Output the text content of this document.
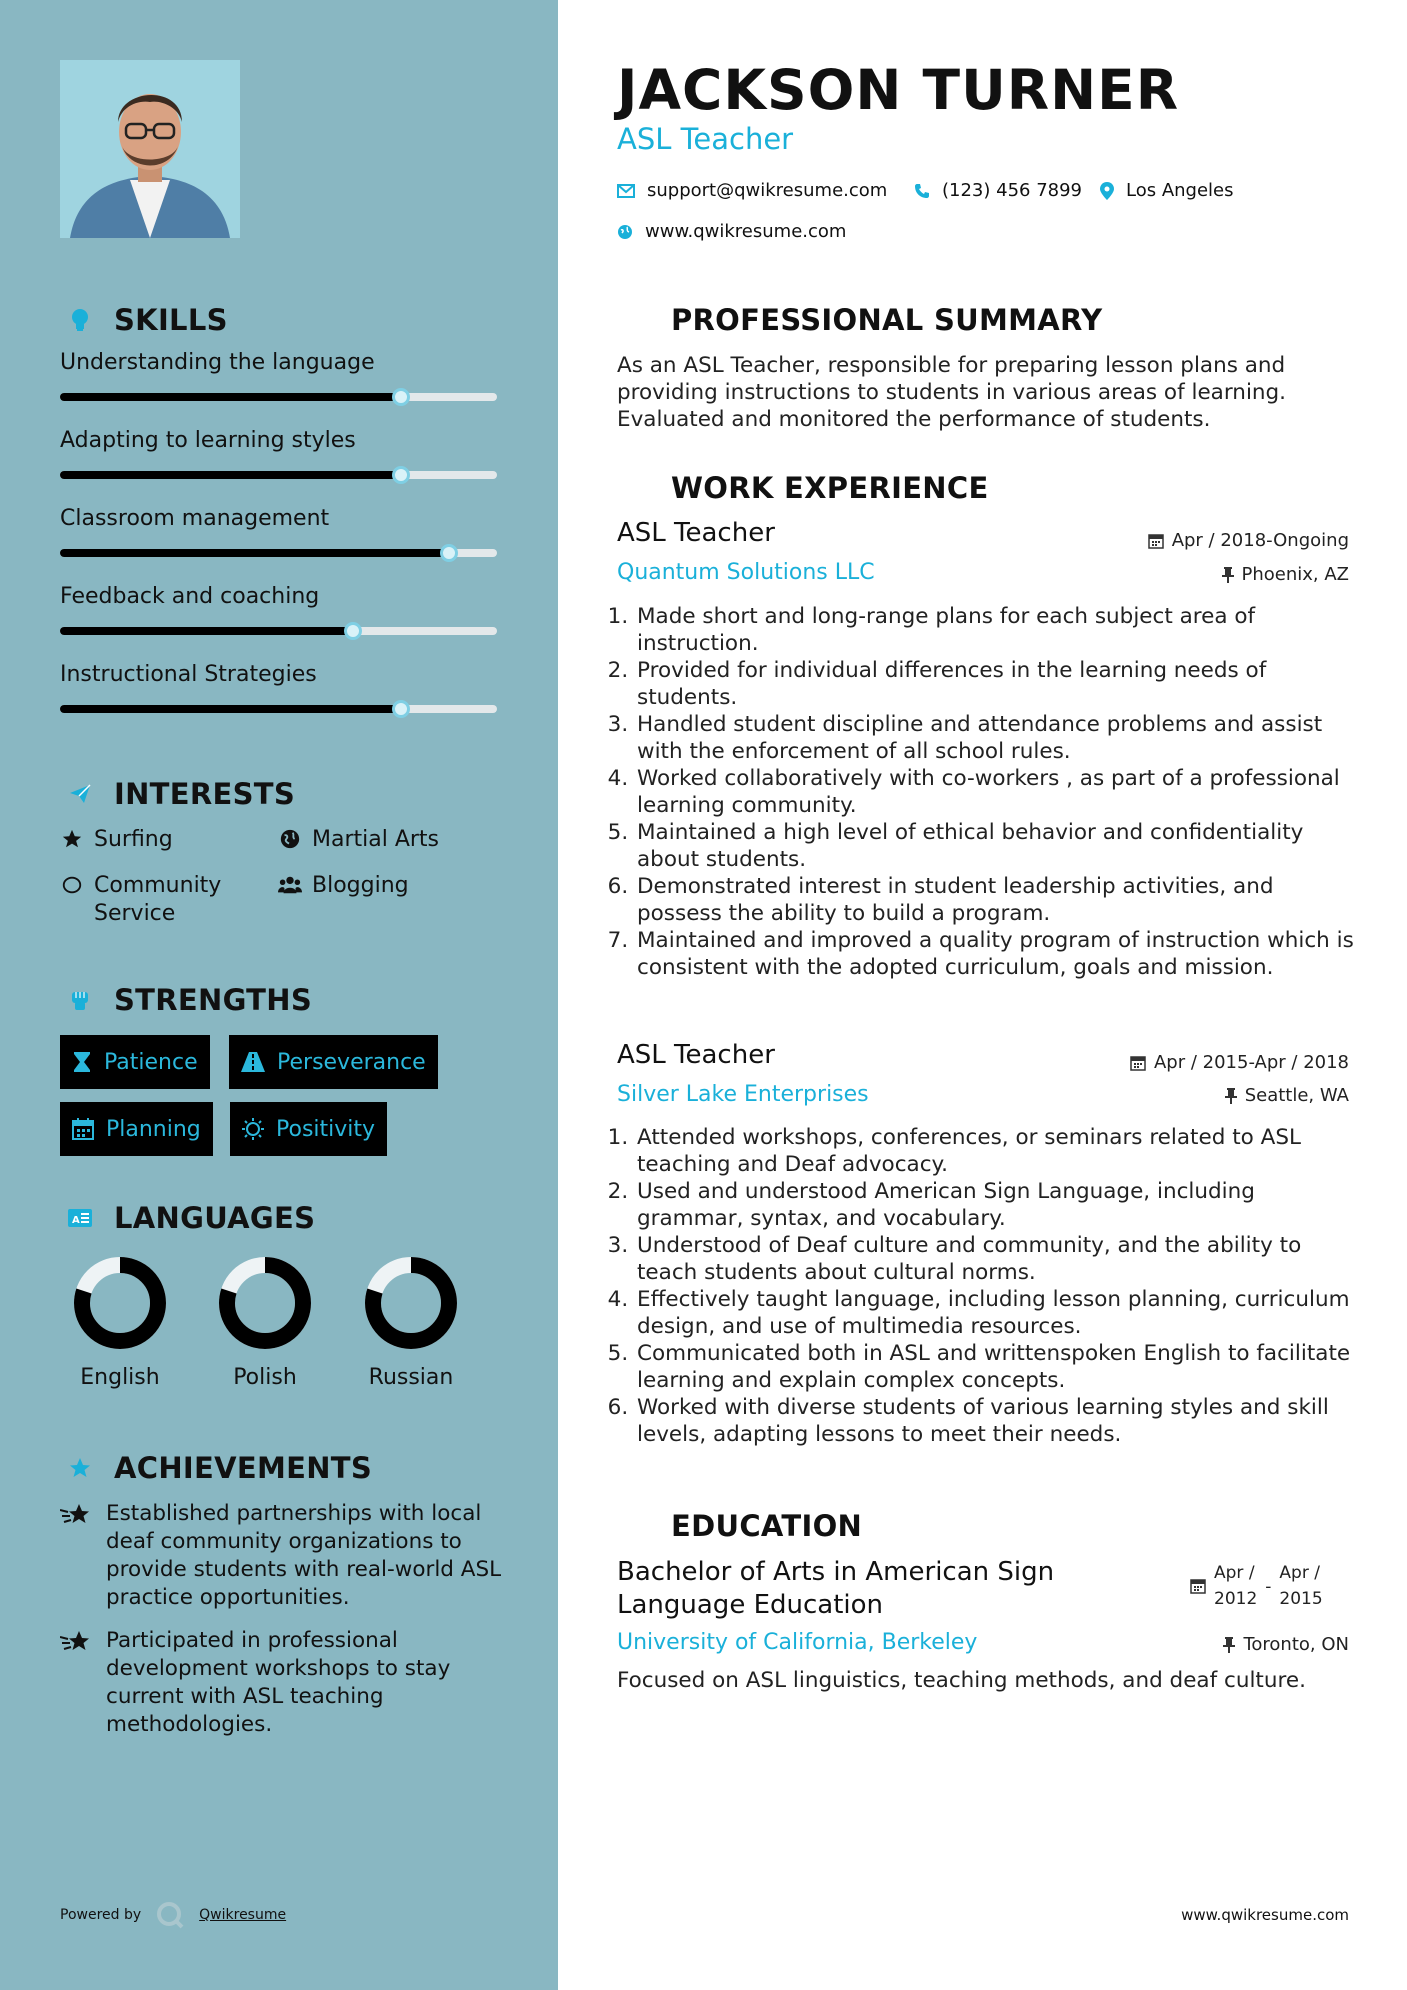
SKILLS
Understanding the language
Adapting to learning styles
Classroom management
Feedback and coaching
Instructional Strategies
INTERESTS
Surfing	Martial Arts
Community Service
Blogging
STRENGTHS
Patience	Perseverance
Planning	Positivity
A LANGUAGES
English	Polish	Russian
ACHIEVEMENTS
Established partnerships with local deaf community organizations to provide students with real-world ASL practice opportunities.
Participated in professional development workshops to stay current with ASL teaching methodologies.
Powered by	Qwikresume
JACKSON TURNER
ASL Teacher
support@qwikresume.com	(123) 456 7899 Los Angeles
www.qwikresume.com
PROFESSIONAL SUMMARY
As an ASL Teacher, responsible for preparing lesson plans and providing instructions to students in various areas of learning. Evaluated and monitored the performance of students.
WORK EXPERIENCE
ASL Teacher	Apr / 2018-Ongoing
Quantum Solutions LLC	Phoenix, AZ
1. Made short and long-range plans for each subject area of instruction.
2. Provided for individual differences in the learning needs of students.
3. Handled student discipline and attendance problems and assist with the enforcement of all school rules.
4. Worked collaboratively with co-workers , as part of a professional learning community.
5. Maintained a high level of ethical behavior and confidentiality about students.
6. Demonstrated interest in student leadership activities, and possess the ability to build a program.
7. Maintained and improved a quality program of instruction which is consistent with the adopted curriculum, goals and mission.
ASL Teacher	Apr / 2015-Apr / 2018
Silver Lake Enterprises	Seattle, WA
1. Attended workshops, conferences, or seminars related to ASL teaching and Deaf advocacy.
2. Used and understood American Sign Language, including grammar, syntax, and vocabulary.
3. Understood of Deaf culture and community, and the ability to teach students about cultural norms.
4. Effectively taught language, including lesson planning, curriculum design, and use of multimedia resources.
5. Communicated both in ASL and writtenspoken English to facilitate learning and explain complex concepts.
6. Worked with diverse students of various learning styles and skill levels, adapting lessons to meet their needs.
EDUCATION
Bachelor of Arts in American Sign
Language Education
Apr /
2012
-
Apr /
2015
University of California, Berkeley	Toronto, ON
Focused on ASL linguistics, teaching methods, and deaf culture.
www.qwikresume.com
